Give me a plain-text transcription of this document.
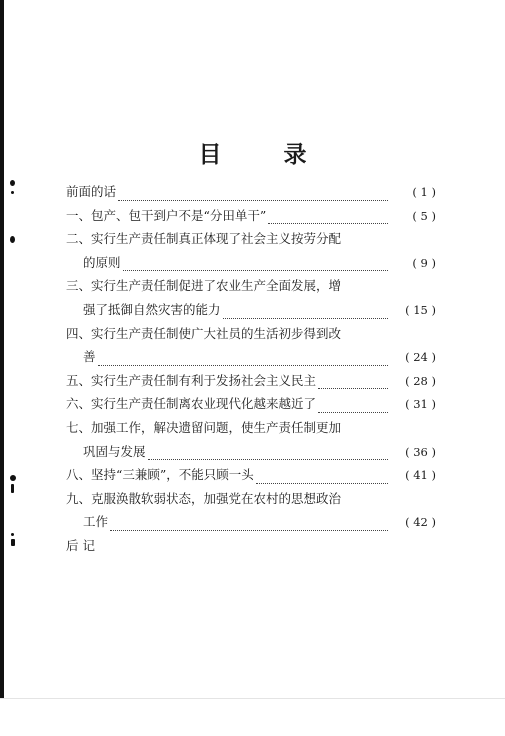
目	录
前面的话	( 1 )
一、包产、包干到户不是“分田单干”	( 5 )
二、实行生产责任制真正体现了社会主义按劳分配
的原则	( 9 )
三、实行生产责任制促进了农业生产全面发展，增
强了抵御自然灾害的能力	( 15 )
四、实行生产责任制使广大社员的生活初步得到改
善	( 24 )
五、实行生产责任制有利于发扬社会主义民主	( 28 )
六、实行生产责任制离农业现代化越来越近了	( 31 )
七、加强工作，解决遗留问题，使生产责任制更加
巩固与发展	( 36 )
八、坚持“三兼顾”，不能只顾一头	( 41 )
九、克服涣散软弱状态，加强党在农村的思想政治
工作	( 42 )
后 记
